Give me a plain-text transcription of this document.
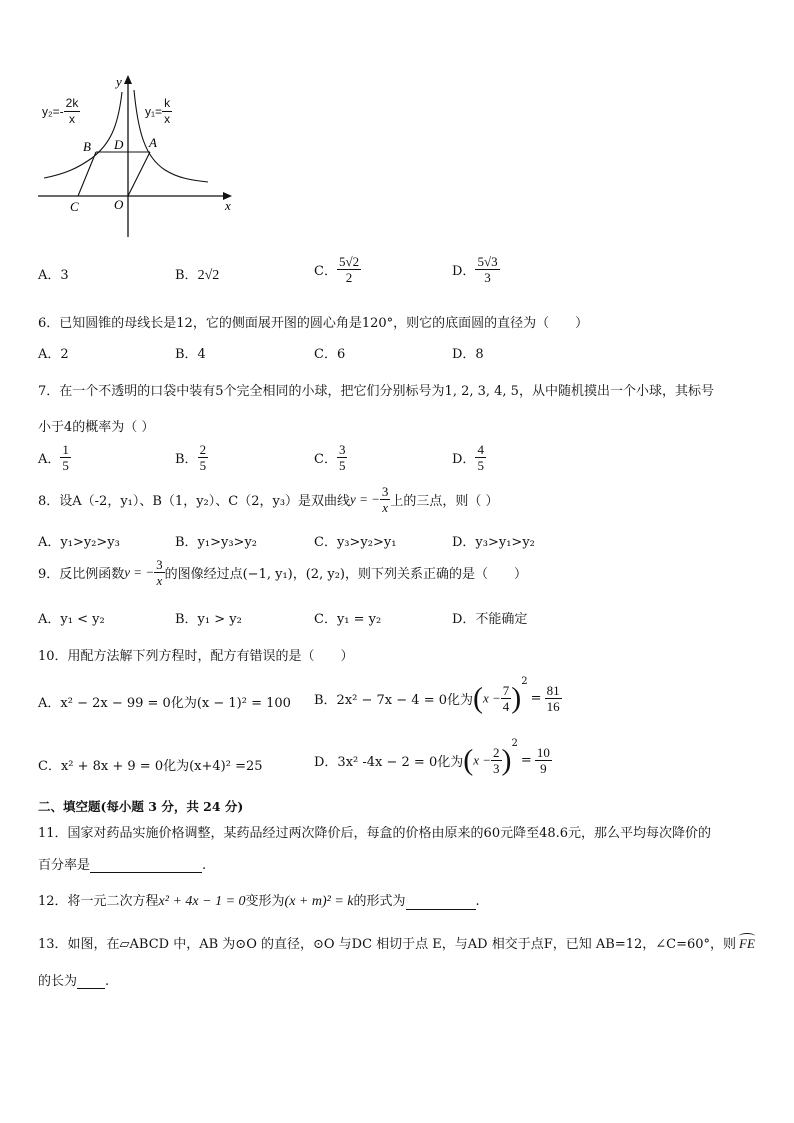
y
x
B D A
C	O
$y_2=- \frac{2k}{x}$	$y_1= \frac{k}{x}$
A．3	B．2√2	C． $\frac{5√2}{2}$	D． $\frac{5√3}{3}$
6．已知圆锥的母线长是12，它的侧面展开图的圆心角是120°，则它的底面圆的直径为（　　）
A．2	B．4	C．6	D．8
7．在一个不透明的口袋中装有5个完全相同的小球，把它们分别标号为1, 2, 3, 4, 5，从中随机摸出一个小球，其标号
小于4的概率为（ ）
A． $\frac{1}{5}$	B． $\frac{2}{5}$	C． $\frac{3}{5}$	D． $\frac{4}{5}$
8．设A（-2，y₁）、B（1，y₂）、C（2，y₃）是双曲线y = − $\frac{3}{x}$ 上的三点，则（ ）
A．y₁>y₂>y₃	B．y₁>y₃>y₂	C．y₃>y₂>y₁	D．y₃>y₁>y₂
9．反比例函数y = − $\frac{3}{x}$ 的图像经过点(−1, y₁)，(2, y₂)，则下列关系正确的是（　　）
A．y₁ < y₂	B．y₁ > y₂	C．y₁ = y₂	D．不能确定
10．用配方法解下列方程时，配方有错误的是（　　）
A．x² − 2x − 99 = 0化为(x − 1)² = 100 B．2x² − 7x − 4 = 0化为$(x - \frac{7}{4} )^2= \frac{81}{16}$
C．x² + 8x + 9 = 0化为(x+4)² =25	D．3x² -4x − 2 = 0化为$(x - \frac{2}{3} )^2= \frac{10}{9}$
二、填空题(每小题 3 分，共 24 分)
11．国家对药品实施价格调整，某药品经过两次降价后，每盒的价格由原来的60元降至48.6元，那么平均每次降价的
百分率是	.
12．将一元二次方程x² + 4x − 1 = 0变形为(x + m)² = k的形式为	.
13．如图，在▱ABCD 中，AB 为⊙O 的直径，⊙O 与DC 相切于点 E，与AD 相交于点F，已知 AB=12，∠C=60°，则 FE
的长为 .
